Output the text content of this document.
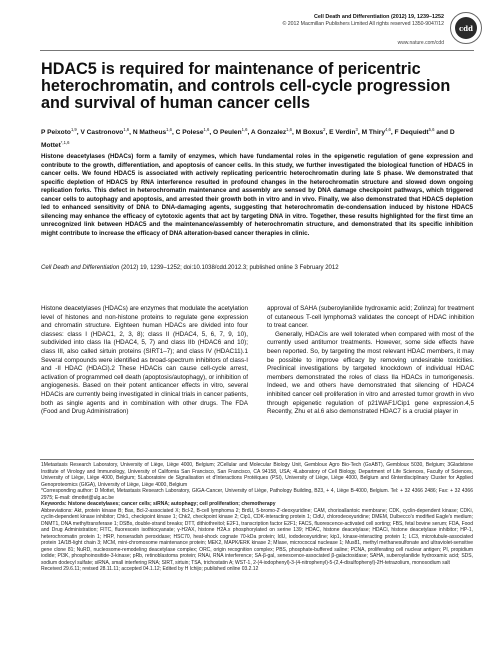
Cell Death and Differentiation (2012) 19, 1239–1252
© 2012 Macmillan Publishers Limited All rights reserved 1350-9047/12	cdd
www.nature.com/cdd
HDAC5 is required for maintenance of pericentric heterochromatin, and controls cell-cycle progression and survival of human cancer cells
P Peixoto$^{1,9}$, V Castronovo$^{1,6}$, N Matheus$^{1,6}$, C Polese$^{1,6}$, O Peulen$^{1,6}$, A Gonzalez$^{1,6}$, M Boxus$^2$, E Verdin$^3$, M Thiry$^{4,6}$, F Dequiedt$^{5,6}$ and D Mottet$^{*,1,6}$

Histone deacetylases (HDACs) form a family of enzymes, which have fundamental roles in the epigenetic regulation of gene expression and contribute to the growth, differentiation, and apoptosis of cancer cells. In this study, we further investigated the biological function of HDAC5 in cancer cells. We found HDAC5 is associated with actively replicating pericentric heterochromatin during late S phase. We demonstrated that specific depletion of HDAC5 by RNA interference resulted in profound changes in the heterochromatin structure and slowed down ongoing replication forks. This defect in heterochromatin maintenance and assembly are sensed by DNA damage checkpoint pathways, which triggered cancer cells to autophagy and apoptosis, and arrested their growth both in vitro and in vivo. Finally, we also demonstrated that HDAC5 depletion led to enhanced sensitivity of DNA to DNA-damaging agents, suggesting that heterochromatin de-condensation induced by histone HDAC5 silencing may enhance the efficacy of cytotoxic agents that act by targeting DNA in vitro. Together, these results highlighted for the first time an unrecognized link between HDAC5 and the maintenance/assembly of heterochromatin structure, and demonstrated that its specific inhibition might contribute to increase the efficacy of DNA alteration-based cancer therapies in clinic.

Cell Death and Differentiation (2012) 19, 1239–1252; doi:10.1038/cdd.2012.3; published online 3 February 2012

Histone deacetylases (HDACs) are enzymes that modulate the acetylation level of histones and non-histone proteins to regulate gene expression and chromatin structure. Eighteen human HDACs are divided into four classes: class I (HDAC1, 2, 3, 8); class II (HDAC4, 5, 6, 7, 9, 10), subdivided into class IIa (HDAC4, 5, 7) and class IIb (HDAC6 and 10); class III, also called sirtuin proteins (SIRT1–7); and class IV (HDAC11).1 Several compounds were identified as broad-spectrum inhibitors of class-I and -II HDAC (HDACi).2 These HDACis can cause cell-cycle arrest, activation of programmed cell death (apoptosis/autophagy), or inhibition of angiogenesis. Based on their potent anticancer effects in vitro, several HDACis are currently being investigated in clinical trials in cancer patients, both as single agents and in combination with other drugs. The FDA (Food and Drug Administration)

approval of SAHA (suberoylanilide hydroxamic acid; Zolinza) for treatment of cutaneous T-cell lymphoma3 validates the concept of HDAC inhibition to treat cancer.

Generally, HDACis are well tolerated when compared with most of the currently used antitumor treatments. However, some side effects have been reported. So, by targeting the most relevant HDAC members, it may be possible to improve efficacy by removing undesirable toxicities. Preclinical investigations by targeted knockdown of individual HDAC members demonstrated the roles of class IIa HDACs in tumorigenesis. Indeed, we and others have demonstrated that silencing of HDAC4 inhibited cancer cell proliferation in vitro and arrested tumor growth in vivo through epigenetic regulation of p21WAF1/Cip1 gene expression.4,5 Recently, Zhu et al.6 also demonstrated HDAC7 is a crucial player in

1Metastasis Research Laboratory, University of Liège, Liège 4000, Belgium; 2Cellular and Molecular Biology Unit, Gembloux Agro Bio-Tech (GxABT), Gembloux 5030, Belgium; 3Gladstone Institute of Virology and Immunology, University of California San Francisco, San Francisco, CA 94158, USA; 4Laboratory of Cell Biology, Department of Life Sciences, Faculty of Sciences, University of Liège, Liège 4000, Belgium; 5Laboratoire de Signalisation et d'Interactions Protéiques (PSI), University of Liège, Liège 4000, Belgium and 6Interdisciplinary Cluster for Applied Genoproteomics (GIGA), University of Liège, Liège 4000, Belgium

*Corresponding author: D Mottet, Metastasis Research Laboratory, GIGA-Cancer, University of Liège, Pathology Building, B23, + 4, Liège B-4000, Belgium. Tel: + 32 4366 2486; Fax: + 32 4366 2975; E-mail: dmottet@ulg.ac.be

Keywords: histone deacetylases; cancer cells; siRNA; autophagy; cell proliferation; chemotherapy

Abbreviations: Akt, protein kinase B; Bax, Bcl-2-associated X; Bcl-2, B-cell lymphoma 2; BrdU, 5-bromo-2'-deoxyuridine; CAM, chorioallantoic membrane; CDK, cyclin-dependent kinase; CDKi, cyclin-dependent kinase inhibitor; Chk1, checkpoint kinase 1; Chk2, checkpoint kinase 2; Cip1, CDK-interacting protein 1; CldU, chlorodeoxyuridine; DMEM, Dulbecco's modified Eagle's medium; DNMT1, DNA methyltransferase 1; DSBs, double-strand breaks; DTT, dithiothreitol; E2F1, transcription factor E2F1; FACS, fluorescence-activated cell sorting; FBS, fetal bovine serum; FDA, Food and Drug Administration; FITC, fluorescein isothiocyanate; γ-H2AX, histone H2A.x phosphorylated on serine 139; HDAC, histone deacetylase; HDACi, histone deacetylase inhibitor; HP-1, heterochromatin protein 1; HRP, horseradish peroxidase; HSC70, heat-shock cognate 70-kDa protein; IdU, iododeoxyuridine; kip1, kinase-interacting protein 1; LC3, microtubule-associated protein 1A/1B-light chain 3; MCM, mini-chromosome maintenance protein; MEK2, MAPK/ERK kinase 2; MIase, micrococcal nuclease 1; Mus81, methyl methanesulfonate and ultraviolet-sensitive gene clone 81; NuRD, nucleosome-remodeling deacetylase complex; ORC, origin recognition complex; PBS, phosphate-buffered saline; PCNA, proliferating cell nuclear antigen; PI, propidium iodide; PI3K, phosphoinositide-3-kinase; pRb, retinoblastoma protein; RNAi, RNA interference; SA-β-gal, senescence-associated β-galactosidase; SAHA, suberoylanilide hydroxamic acid; SDS, sodium dodecyl sulfate; siRNA, small interfering RNA; SIRT, sirtuin; TSA, trichostatin A; WST-1, 2-(4-iodophenyl)-3-(4-nitrophenyl)-5-(2,4-disulfophenyl)-2H-tetrazolium, monosodium salt

Received 29.6.11; revised 28.11.11; accepted 04.1.12; Edited by H Ichijo; published online 03.2.12
